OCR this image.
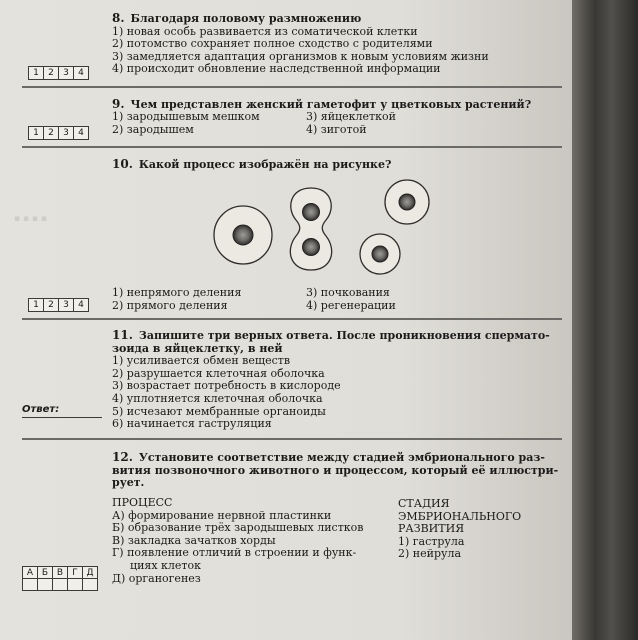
▪ ▪ ▪ ▪
8. Благодаря половому размножению
1) новая особь развивается из соматической клетки
2) потомство сохраняет полное сходство с родителями
3) замедляется адаптация организмов к новым условиям жизни
4) происходит обновление наследственной информации
1	2	3	4
9. Чем представлен женский гаметофит у цветковых растений?
1) зародышевым мешком	3) яйцеклеткой
2) зародышем	4) зиготой
1	2	3	4
10. Какой процесс изображён на рисунке?
1) непрямого деления	3) почкования
2) прямого деления	4) регенерации
1	2	3	4
11. Запишите три верных ответа. После проникновения спермато-
зоида в яйцеклетку, в ней
1) усиливается обмен веществ
2) разрушается клеточная оболочка
3) возрастает потребность в кислороде
4) уплотняется клеточная оболочка
5) исчезают мембранные органоиды
6) начинается гаструляция
Ответ:
12. Установите соответствие между стадией эмбрионального раз-
вития позвоночного животного и процессом, который её иллюстри-
рует.
ПРОЦЕСС
А) формирование нервной пластинки
Б) образование трёх зародышевых листков
В) закладка зачатков хорды
Г) появление отличий в строении и функ-
циях клеток
Д) органогенез
СТАДИЯ
ЭМБРИОНАЛЬНОГО
РАЗВИТИЯ
1) гаструла
2) нейрула
А	Б	В	Г	Д
